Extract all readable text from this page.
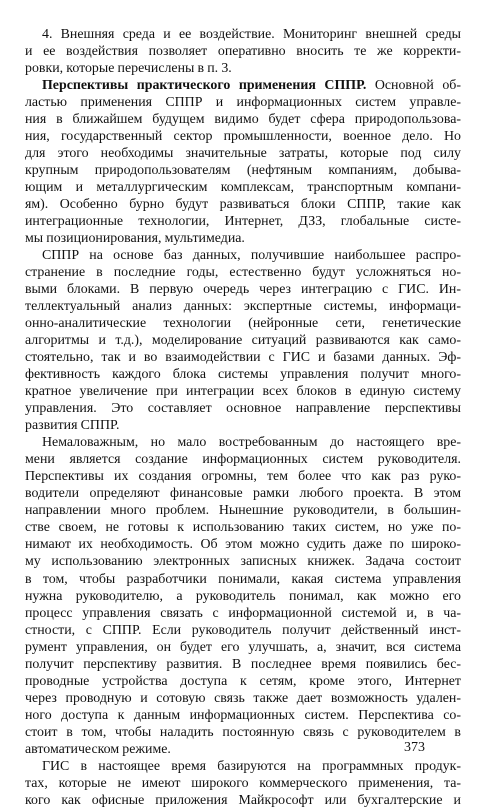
4. Внешняя среда и ее воздействие. Мониторинг внешней среды
и ее воздействия позволяет оперативно вносить те же корректи-
ровки, которые перечислены в п. 3.
Перспективы практического применения СППР. Основной об-
ластью применения СППР и информационных систем управле-
ния в ближайшем будущем видимо будет сфера природопользова-
ния, государственный сектор промышленности, военное дело. Но
для этого необходимы значительные затраты, которые под силу
крупным природопользователям (нефтяным компаниям, добыва-
ющим и металлургическим комплексам, транспортным компани-
ям). Особенно бурно будут развиваться блоки СППР, такие как
интеграционные технологии, Интернет, ДЗЗ, глобальные систе-
мы позиционирования, мультимедиа.
СППР на основе баз данных, получившие наибольшее распро-
странение в последние годы, естественно будут усложняться но-
выми блоками. В первую очередь через интеграцию с ГИС. Ин-
теллектуальный анализ данных: экспертные системы, информаци-
онно-аналитические технологии (нейронные сети, генетические
алгоритмы и т.д.), моделирование ситуаций развиваются как само-
стоятельно, так и во взаимодействии с ГИС и базами данных. Эф-
фективность каждого блока системы управления получит много-
кратное увеличение при интеграции всех блоков в единую систему
управления. Это составляет основное направление перспективы
развития СППР.
Немаловажным, но мало востребованным до настоящего вре-
мени является создание информационных систем руководителя.
Перспективы их создания огромны, тем более что как раз руко-
водители определяют финансовые рамки любого проекта. В этом
направлении много проблем. Нынешние руководители, в большин-
стве своем, не готовы к использованию таких систем, но уже по-
нимают их необходимость. Об этом можно судить даже по широко-
му использованию электронных записных книжек. Задача состоит
в том, чтобы разработчики понимали, какая система управления
нужна руководителю, а руководитель понимал, как можно его
процесс управления связать с информационной системой и, в ча-
стности, с СППР. Если руководитель получит действенный инст-
румент управления, он будет его улучшать, а, значит, вся система
получит перспективу развития. В последнее время появились бес-
проводные устройства доступа к сетям, кроме этого, Интернет
через проводную и сотовую связь также дает возможность удален-
ного доступа к данным информационных систем. Перспектива со-
стоит в том, чтобы наладить постоянную связь с руководителем в
автоматическом режиме.
ГИС в настоящее время базируются на программных продук-
тах, которые не имеют широкого коммерческого применения, та-
кого как офисные приложения Майкрософт или бухгалтерские и
373
